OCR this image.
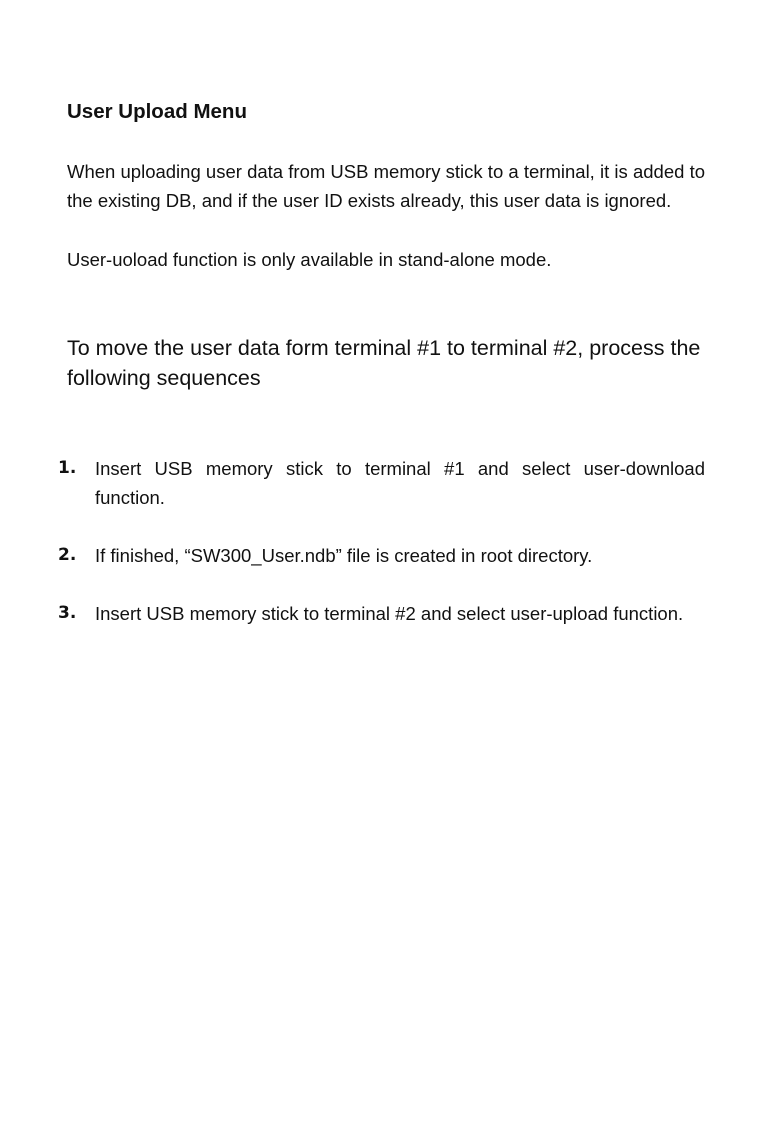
User Upload Menu

When uploading user data from USB memory stick to a terminal, it is added to the existing DB, and if the user ID exists already, this user data is ignored.

User-uoload function is only available in stand-alone mode.

To move the user data form terminal #1 to terminal #2, process the following sequences

1. Insert USB memory stick to terminal #1 and select user-download function.
2. If finished, “SW300_User.ndb” file is created in root directory.
3. Insert USB memory stick to terminal #2 and select user-upload function.
